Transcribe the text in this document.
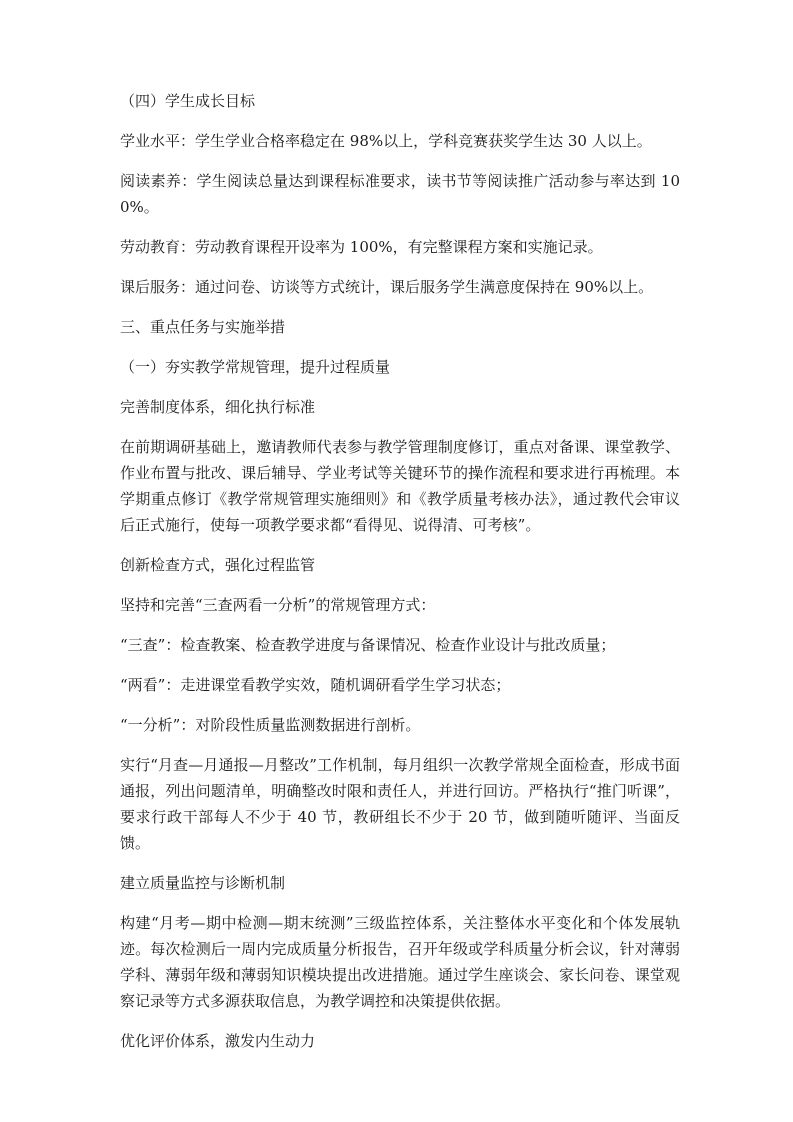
（四）学生成长目标

学业水平：学生学业合格率稳定在 98%以上，学科竞赛获奖学生达 30 人以上。

阅读素养：学生阅读总量达到课程标准要求，读书节等阅读推广活动参与率达到 100%。

劳动教育：劳动教育课程开设率为 100%，有完整课程方案和实施记录。

课后服务：通过问卷、访谈等方式统计，课后服务学生满意度保持在 90%以上。

三、重点任务与实施举措

（一）夯实教学常规管理，提升过程质量

完善制度体系，细化执行标准

在前期调研基础上，邀请教师代表参与教学管理制度修订，重点对备课、课堂教学、作业布置与批改、课后辅导、学业考试等关键环节的操作流程和要求进行再梳理。本学期重点修订《教学常规管理实施细则》和《教学质量考核办法》，通过教代会审议后正式施行，使每一项教学要求都“看得见、说得清、可考核”。

创新检查方式，强化过程监管

坚持和完善“三查两看一分析”的常规管理方式：

“三查”：检查教案、检查教学进度与备课情况、检查作业设计与批改质量；

“两看”：走进课堂看教学实效，随机调研看学生学习状态；

“一分析”：对阶段性质量监测数据进行剖析。

实行“月查—月通报—月整改”工作机制，每月组织一次教学常规全面检查，形成书面通报，列出问题清单，明确整改时限和责任人，并进行回访。严格执行“推门听课”，要求行政干部每人不少于 40 节，教研组长不少于 20 节，做到随听随评、当面反馈。

建立质量监控与诊断机制

构建“月考—期中检测—期末统测”三级监控体系，关注整体水平变化和个体发展轨迹。每次检测后一周内完成质量分析报告，召开年级或学科质量分析会议，针对薄弱学科、薄弱年级和薄弱知识模块提出改进措施。通过学生座谈会、家长问卷、课堂观察记录等方式多源获取信息，为教学调控和决策提供依据。

优化评价体系，激发内生动力
